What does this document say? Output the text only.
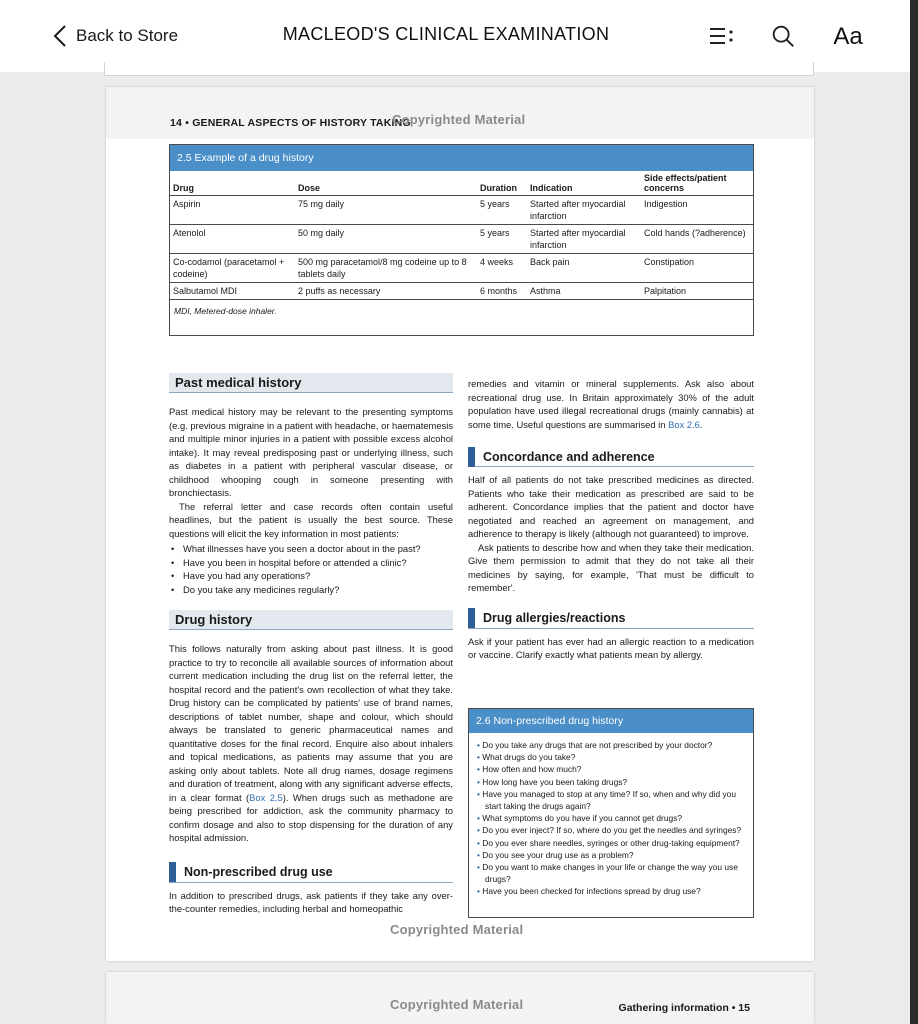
Back to Store	MACLEOD'S CLINICAL EXAMINATION	Aa
14 • GENERAL ASPECTS OF HISTORY TAKING
Copyrighted Material
2.5 Example of a drug history
Drug	Dose	Duration	Indication	Side effects/patient concerns
Aspirin	75 mg daily	5 years	Started after myocardial infarction	Indigestion
Atenolol	50 mg daily	5 years	Started after myocardial infarction	Cold hands (?adherence)
Co-codamol (paracetamol + codeine)	500 mg paracetamol/8 mg codeine up to 8 tablets daily	4 weeks	Back pain	Constipation
Salbutamol MDI	2 puffs as necessary	6 months	Asthma	Palpitation
MDI, Metered-dose inhaler.
Past medical history

Past medical history may be relevant to the presenting symptoms (e.g. previous migraine in a patient with headache, or haematemesis and multiple minor injuries in a patient with possible excess alcohol intake). It may reveal predisposing past or underlying illness, such as diabetes in a patient with peripheral vascular disease, or childhood whooping cough in someone presenting with bronchiectasis.

The referral letter and case records often contain useful headlines, but the patient is usually the best source. These questions will elicit the key information in most patients:

• What illnesses have you seen a doctor about in the past?
• Have you been in hospital before or attended a clinic?
• Have you had any operations?
• Do you take any medicines regularly?
Drug history

This follows naturally from asking about past illness. It is good practice to try to reconcile all available sources of information about current medication including the drug list on the referral letter, the hospital record and the patient's own recollection of what they take. Drug history can be complicated by patients' use of brand names, descriptions of tablet number, shape and colour, which should always be translated to generic pharmaceutical names and quantitative doses for the final record. Enquire also about inhalers and topical medications, as patients may assume that you are asking only about tablets. Note all drug names, dosage regimens and duration of treatment, along with any significant adverse effects, in a clear format (Box 2.5). When drugs such as methadone are being prescribed for addiction, ask the community pharmacy to confirm dosage and also to stop dispensing for the duration of any hospital admission.

Non-prescribed drug use

In addition to prescribed drugs, ask patients if they take any over-the-counter remedies, including herbal and homeopathic

remedies and vitamin or mineral supplements. Ask also about recreational drug use. In Britain approximately 30% of the adult population have used illegal recreational drugs (mainly cannabis) at some time. Useful questions are summarised in Box 2.6.

Concordance and adherence

Half of all patients do not take prescribed medicines as directed. Patients who take their medication as prescribed are said to be adherent. Concordance implies that the patient and doctor have negotiated and reached an agreement on management, and adherence to therapy is likely (although not guaranteed) to improve.

Ask patients to describe how and when they take their medication. Give them permission to admit that they do not take all their medicines by saying, for example, 'That must be difficult to remember'.

Drug allergies/reactions

Ask if your patient has ever had an allergic reaction to a medication or vaccine. Clarify exactly what patients mean by allergy.

2.6 Non-prescribed drug history
• Do you take any drugs that are not prescribed by your doctor?
• What drugs do you take?
• How often and how much?
• How long have you been taking drugs?
• Have you managed to stop at any time? If so, when and why did you start taking the drugs again?
• What symptoms do you have if you cannot get drugs?
• Do you ever inject? If so, where do you get the needles and syringes?
• Do you ever share needles, syringes or other drug-taking equipment?
• Do you see your drug use as a problem?
• Do you want to make changes in your life or change the way you use drugs?
• Have you been checked for infections spread by drug use?
Copyrighted Material
Copyrighted Material	Gathering information • 15
